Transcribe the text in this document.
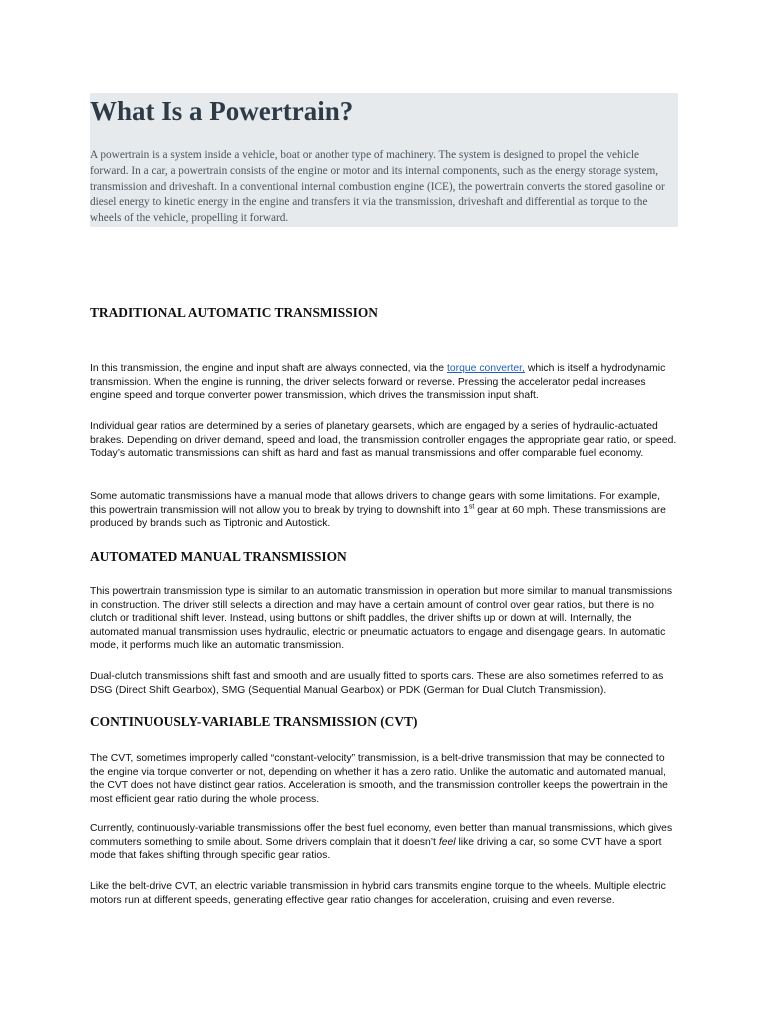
What Is a Powertrain?

A powertrain is a system inside a vehicle, boat or another type of machinery. The system is designed to propel the vehicle forward. In a car, a powertrain consists of the engine or motor and its internal components, such as the energy storage system, transmission and driveshaft. In a conventional internal combustion engine (ICE), the powertrain converts the stored gasoline or diesel energy to kinetic energy in the engine and transfers it via the transmission, driveshaft and differential as torque to the wheels of the vehicle, propelling it forward.

TRADITIONAL AUTOMATIC TRANSMISSION

In this transmission, the engine and input shaft are always connected, via the torque converter, which is itself a hydrodynamic transmission. When the engine is running, the driver selects forward or reverse. Pressing the accelerator pedal increases engine speed and torque converter power transmission, which drives the transmission input shaft.

Individual gear ratios are determined by a series of planetary gearsets, which are engaged by a series of hydraulic-actuated brakes. Depending on driver demand, speed and load, the transmission controller engages the appropriate gear ratio, or speed. Today’s automatic transmissions can shift as hard and fast as manual transmissions and offer comparable fuel economy.

Some automatic transmissions have a manual mode that allows drivers to change gears with some limitations. For example, this powertrain transmission will not allow you to break by trying to downshift into 1st gear at 60 mph. These transmissions are produced by brands such as Tiptronic and Autostick.

AUTOMATED MANUAL TRANSMISSION

This powertrain transmission type is similar to an automatic transmission in operation but more similar to manual transmissions in construction. The driver still selects a direction and may have a certain amount of control over gear ratios, but there is no clutch or traditional shift lever. Instead, using buttons or shift paddles, the driver shifts up or down at will. Internally, the automated manual transmission uses hydraulic, electric or pneumatic actuators to engage and disengage gears. In automatic mode, it performs much like an automatic transmission.

Dual-clutch transmissions shift fast and smooth and are usually fitted to sports cars. These are also sometimes referred to as DSG (Direct Shift Gearbox), SMG (Sequential Manual Gearbox) or PDK (German for Dual Clutch Transmission).

CONTINUOUSLY-VARIABLE TRANSMISSION (CVT)

The CVT, sometimes improperly called “constant-velocity” transmission, is a belt-drive transmission that may be connected to the engine via torque converter or not, depending on whether it has a zero ratio. Unlike the automatic and automated manual, the CVT does not have distinct gear ratios. Acceleration is smooth, and the transmission controller keeps the powertrain in the most efficient gear ratio during the whole process.

Currently, continuously-variable transmissions offer the best fuel economy, even better than manual transmissions, which gives commuters something to smile about. Some drivers complain that it doesn’t feel like driving a car, so some CVT have a sport mode that fakes shifting through specific gear ratios.

Like the belt-drive CVT, an electric variable transmission in hybrid cars transmits engine torque to the wheels. Multiple electric motors run at different speeds, generating effective gear ratio changes for acceleration, cruising and even reverse.
